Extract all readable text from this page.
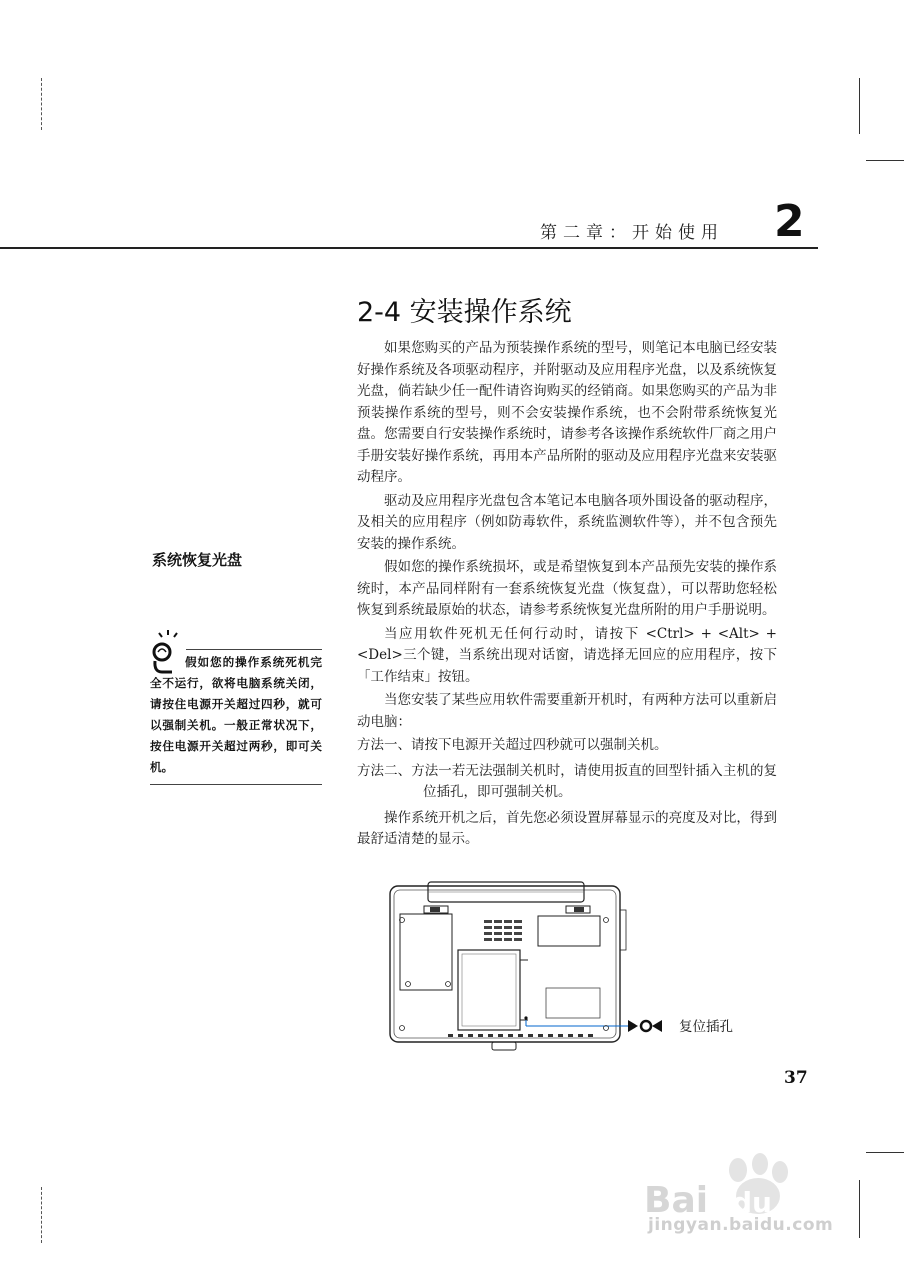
第二章：开始使用	2
2-4 安装操作系统

如果您购买的产品为预装操作系统的型号，则笔记本电脑已经安装好操作系统及各项驱动程序，并附驱动及应用程序光盘，以及系统恢复光盘，倘若缺少任一配件请咨询购买的经销商。如果您购买的产品为非预装操作系统的型号，则不会安装操作系统，也不会附带系统恢复光盘。您需要自行安装操作系统时，请参考各该操作系统软件厂商之用户手册安装好操作系统，再用本产品所附的驱动及应用程序光盘来安装驱动程序。

驱动及应用程序光盘包含本笔记本电脑各项外围设备的驱动程序，及相关的应用程序（例如防毒软件，系统监测软件等），并不包含预先安装的操作系统。

假如您的操作系统损坏，或是希望恢复到本产品预先安装的操作系统时，本产品同样附有一套系统恢复光盘（恢复盘），可以帮助您轻松恢复到系统最原始的状态，请参考系统恢复光盘所附的用户手册说明。

当应用软件死机无任何行动时，请按下 <Ctrl> + <Alt> + <Del>三个键，当系统出现对话窗，请选择无回应的应用程序，按下「工作结束」按钮。

当您安装了某些应用软件需要重新开机时，有两种方法可以重新启动电脑：

方法一、请按下电源开关超过四秒就可以强制关机。

方法二、方法一若无法强制关机时，请使用扳直的回型针插入主机的复位插孔，即可强制关机。

操作系统开机之后，首先您必须设置屏幕显示的亮度及对比，得到最舒适清楚的显示。

系统恢复光盘
假如您的操作系统死机完全不运行，欲将电脑系统关闭，请按住电源开关超过四秒，就可以强制关机。一般正常状况下，按住电源开关超过两秒，即可关机。
复位插孔
37
Bai du
jingyan.baidu.com
